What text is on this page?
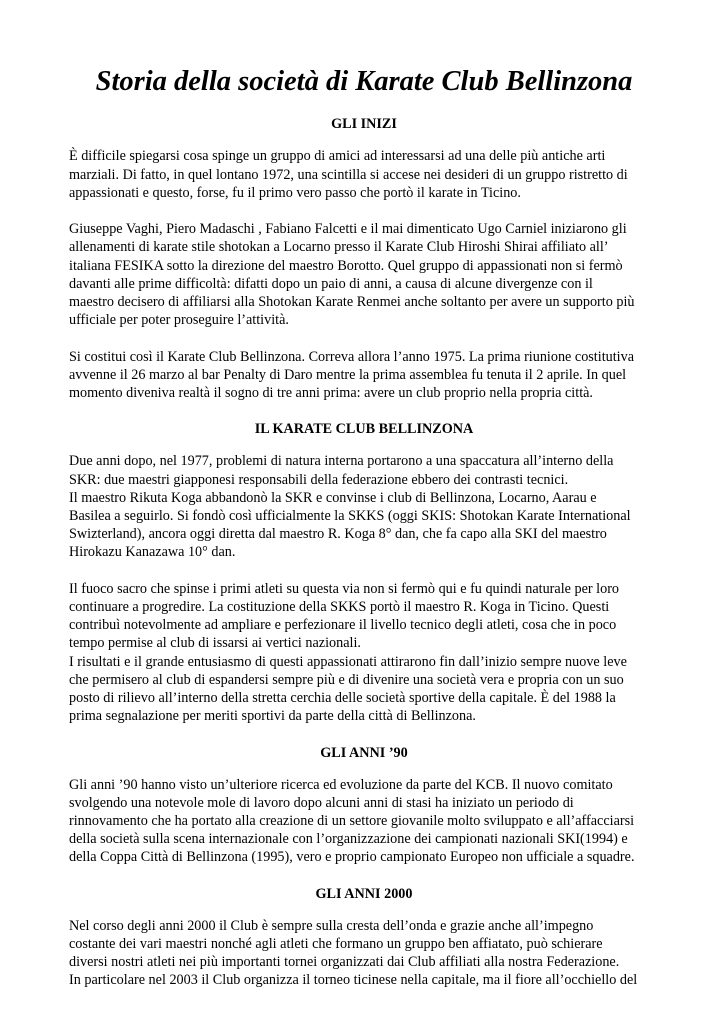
Storia della società di Karate Club Bellinzona
GLI INIZI

È difficile spiegarsi cosa spinge un gruppo di amici ad interessarsi ad una delle più antiche arti
marziali. Di fatto, in quel lontano 1972, una scintilla si accese nei desideri di un gruppo ristretto di
appassionati e questo, forse, fu il primo vero passo che portò il karate in Ticino.

Giuseppe Vaghi, Piero Madaschi , Fabiano Falcetti e il mai dimenticato Ugo Carniel iniziarono gli
allenamenti di karate stile shotokan a Locarno presso il Karate Club Hiroshi Shirai affiliato all’
italiana FESIKA sotto la direzione del maestro Borotto. Quel gruppo di appassionati non si fermò
davanti alle prime difficoltà: difatti dopo un paio di anni, a causa di alcune divergenze con il
maestro decisero di affiliarsi alla Shotokan Karate Renmei anche soltanto per avere un supporto più
ufficiale per poter proseguire l’attività.

Si costitui così il Karate Club Bellinzona. Correva allora l’anno 1975. La prima riunione costitutiva
avvenne il 26 marzo al bar Penalty di Daro mentre la prima assemblea fu tenuta il 2 aprile. In quel
momento diveniva realtà il sogno di tre anni prima: avere un club proprio nella propria città.

IL KARATE CLUB BELLINZONA

Due anni dopo, nel 1977, problemi di natura interna portarono a una spaccatura all’interno della
SKR: due maestri giapponesi responsabili della federazione ebbero dei contrasti tecnici.
Il maestro Rikuta Koga abbandonò la SKR e convinse i club di Bellinzona, Locarno, Aarau e
Basilea a seguirlo. Si fondò così ufficialmente la SKKS (oggi SKIS: Shotokan Karate International
Swizterland), ancora oggi diretta dal maestro R. Koga 8° dan, che fa capo alla SKI del maestro
Hirokazu Kanazawa 10° dan.

Il fuoco sacro che spinse i primi atleti su questa via non si fermò qui e fu quindi naturale per loro
continuare a progredire. La costituzione della SKKS portò il maestro R. Koga in Ticino. Questi
contribuì notevolmente ad ampliare e perfezionare il livello tecnico degli atleti, cosa che in poco
tempo permise al club di issarsi ai vertici nazionali.
I risultati e il grande entusiasmo di questi appassionati attirarono fin dall’inizio sempre nuove leve
che permisero al club di espandersi sempre più e di divenire una società vera e propria con un suo
posto di rilievo all’interno della stretta cerchia delle società sportive della capitale. È del 1988 la
prima segnalazione per meriti sportivi da parte della città di Bellinzona.

GLI ANNI ’90

Gli anni ’90 hanno visto un’ulteriore ricerca ed evoluzione da parte del KCB. Il nuovo comitato
svolgendo una notevole mole di lavoro dopo alcuni anni di stasi ha iniziato un periodo di
rinnovamento che ha portato alla creazione di un settore giovanile molto sviluppato e all’affacciarsi
della società sulla scena internazionale con l’organizzazione dei campionati nazionali SKI(1994) e
della Coppa Città di Bellinzona (1995), vero e proprio campionato Europeo non ufficiale a squadre.

GLI ANNI 2000

Nel corso degli anni 2000 il Club è sempre sulla cresta dell’onda e grazie anche all’impegno
costante dei vari maestri nonché agli atleti che formano un gruppo ben affiatato, può schierare
diversi nostri atleti nei più importanti tornei organizzati dai Club affiliati alla nostra Federazione.
In particolare nel 2003 il Club organizza il torneo ticinese nella capitale, ma il fiore all’occhiello del
